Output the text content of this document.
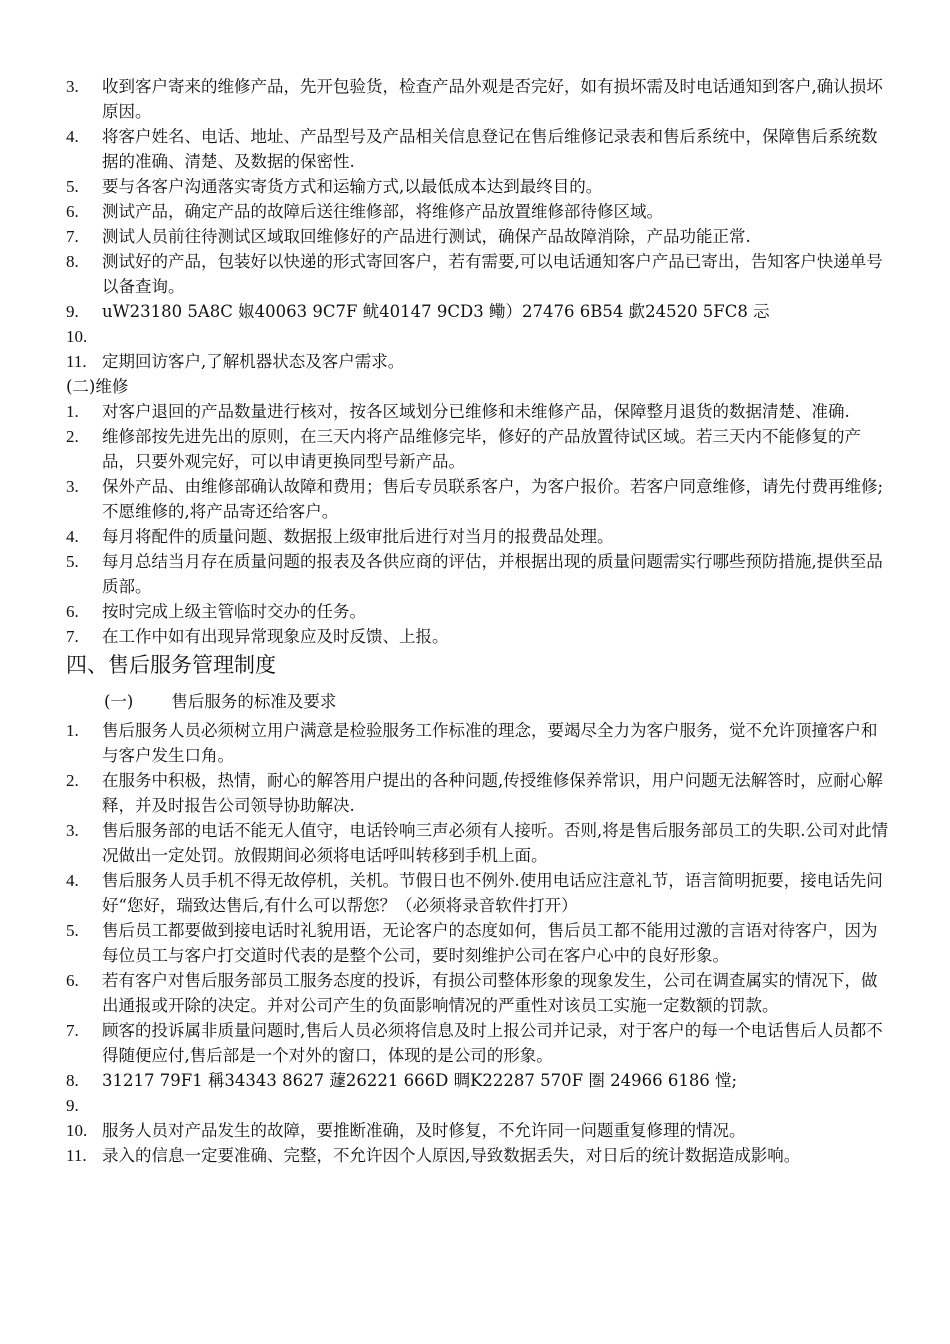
3. 收到客户寄来的维修产品，先开包验货，检查产品外观是否完好，如有损坏需及时电话通知到客户,确认损坏原因。
4. 将客户姓名、电话、地址、产品型号及产品相关信息登记在售后维修记录表和售后系统中，保障售后系统数据的准确、清楚、及数据的保密性.
5. 要与各客户沟通落实寄货方式和运输方式,以最低成本达到最终目的。
6. 测试产品，确定产品的故障后送往维修部，将维修产品放置维修部待修区域。
7. 测试人员前往待测试区域取回维修好的产品进行测试，确保产品故障消除，产品功能正常.
8. 测试好的产品，包装好以快递的形式寄回客户，若有需要,可以电话通知客户产品已寄出，告知客户快递单号以备查询。
9. uW23180 5A8C 婌40063 9C7F 鱿40147 9CD3 鳓）27476 6B54 歔24520 5FC8 忈
10.
11. 定期回访客户,了解机器状态及客户需求。
(二)维修
1. 对客户退回的产品数量进行核对，按各区域划分已维修和未维修产品，保障整月退货的数据清楚、准确.
2. 维修部按先进先出的原则，在三天内将产品维修完毕，修好的产品放置待试区域。若三天内不能修复的产品，只要外观完好，可以申请更换同型号新产品。
3. 保外产品、由维修部确认故障和费用；售后专员联系客户，为客户报价。若客户同意维修，请先付费再维修;不愿维修的,将产品寄还给客户。
4. 每月将配件的质量问题、数据报上级审批后进行对当月的报费品处理。
5. 每月总结当月存在质量问题的报表及各供应商的评估，并根据出现的质量问题需实行哪些预防措施,提供至品质部。
6. 按时完成上级主管临时交办的任务。
7. 在工作中如有出现异常现象应及时反馈、上报。
四、售后服务管理制度
(一) 售后服务的标准及要求
1. 售后服务人员必须树立用户满意是检验服务工作标准的理念，要竭尽全力为客户服务，觉不允许顶撞客户和与客户发生口角。
2. 在服务中积极，热情，耐心的解答用户提出的各种问题,传授维修保养常识，用户问题无法解答时，应耐心解释，并及时报告公司领导协助解决.
3. 售后服务部的电话不能无人值守，电话铃响三声必须有人接听。否则,将是售后服务部员工的失职.公司对此情况做出一定处罚。放假期间必须将电话呼叫转移到手机上面。
4. 售后服务人员手机不得无故停机，关机。节假日也不例外.使用电话应注意礼节，语言简明扼要，接电话先问好“您好，瑞致达售后,有什么可以帮您？（必须将录音软件打开）
5. 售后员工都要做到接电话时礼貌用语，无论客户的态度如何，售后员工都不能用过激的言语对待客户，因为每位员工与客户打交道时代表的是整个公司，要时刻维护公司在客户心中的良好形象。
6. 若有客户对售后服务部员工服务态度的投诉，有损公司整体形象的现象发生，公司在调查属实的情况下，做出通报或开除的决定。并对公司产生的负面影响情况的严重性对该员工实施一定数额的罚款。
7. 顾客的投诉属非质量问题时,售后人员必须将信息及时上报公司并记录，对于客户的每一个电话售后人员都不得随便应付,售后部是一个对外的窗口，体现的是公司的形象。
8. 31217 79F1 稱34343 8627 蘧26221 666D 晭K22287 570F 圏 24966 6186 憆;
9.
10. 服务人员对产品发生的故障，要推断准确，及时修复，不允许同一问题重复修理的情况。
11. 录入的信息一定要准确、完整，不允许因个人原因,导致数据丢失，对日后的统计数据造成影响。
